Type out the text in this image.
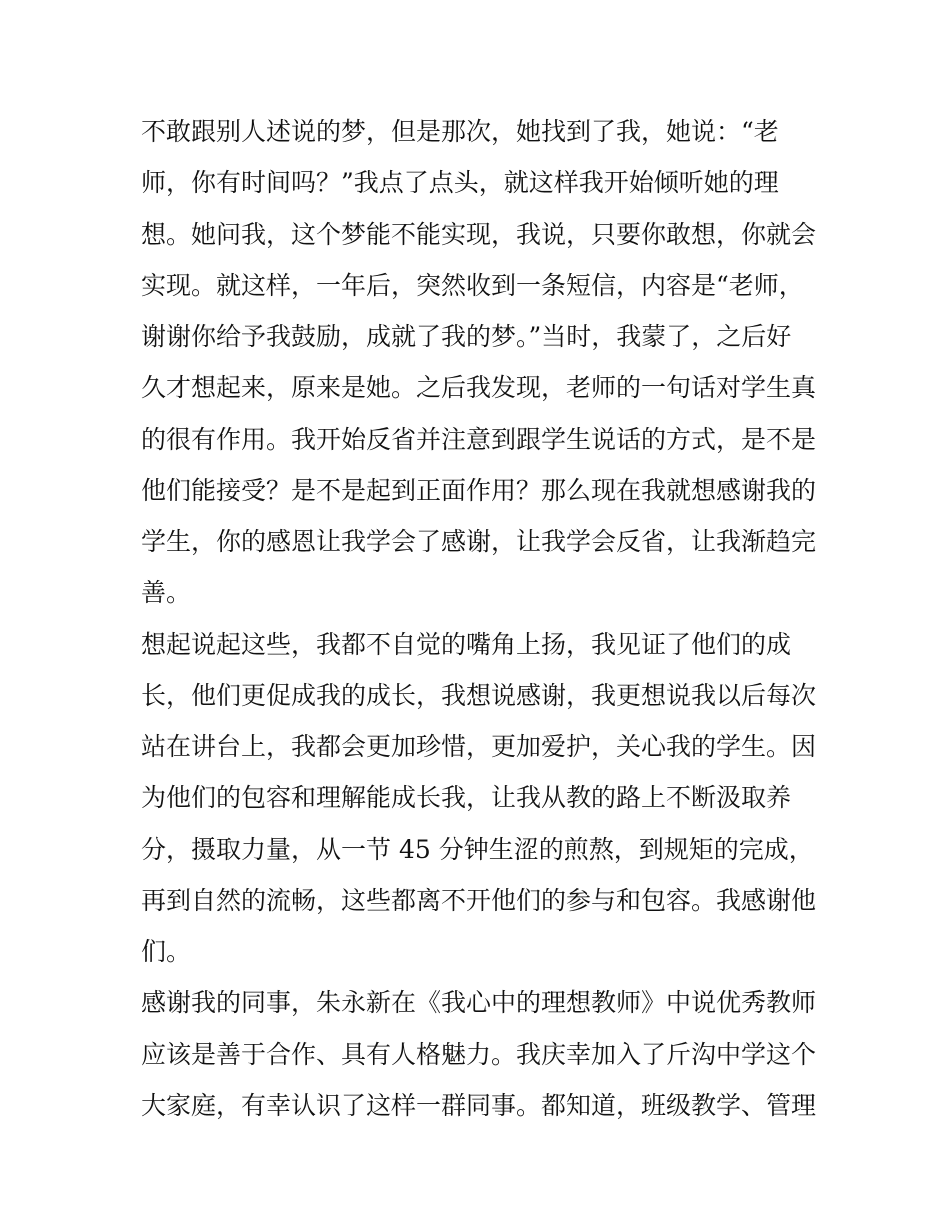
不敢跟别人述说的梦，但是那次，她找到了我，她说：“老
师，你有时间吗？”我点了点头，就这样我开始倾听她的理
想。她问我，这个梦能不能实现，我说，只要你敢想，你就会
实现。就这样，一年后，突然收到一条短信，内容是“老师，
谢谢你给予我鼓励，成就了我的梦。”当时，我蒙了，之后好
久才想起来，原来是她。之后我发现，老师的一句话对学生真
的很有作用。我开始反省并注意到跟学生说话的方式，是不是
他们能接受？是不是起到正面作用？那么现在我就想感谢我的
学生，你的感恩让我学会了感谢，让我学会反省，让我渐趋完
善。
想起说起这些，我都不自觉的嘴角上扬，我见证了他们的成
长，他们更促成我的成长，我想说感谢，我更想说我以后每次
站在讲台上，我都会更加珍惜，更加爱护，关心我的学生。因
为他们的包容和理解能成长我，让我从教的路上不断汲取养
分，摄取力量，从一节 45 分钟生涩的煎熬，到规矩的完成，
再到自然的流畅，这些都离不开他们的参与和包容。我感谢他
们。
感谢我的同事，朱永新在《我心中的理想教师》中说优秀教师
应该是善于合作、具有人格魅力。我庆幸加入了斤沟中学这个
大家庭，有幸认识了这样一群同事。都知道，班级教学、管理
